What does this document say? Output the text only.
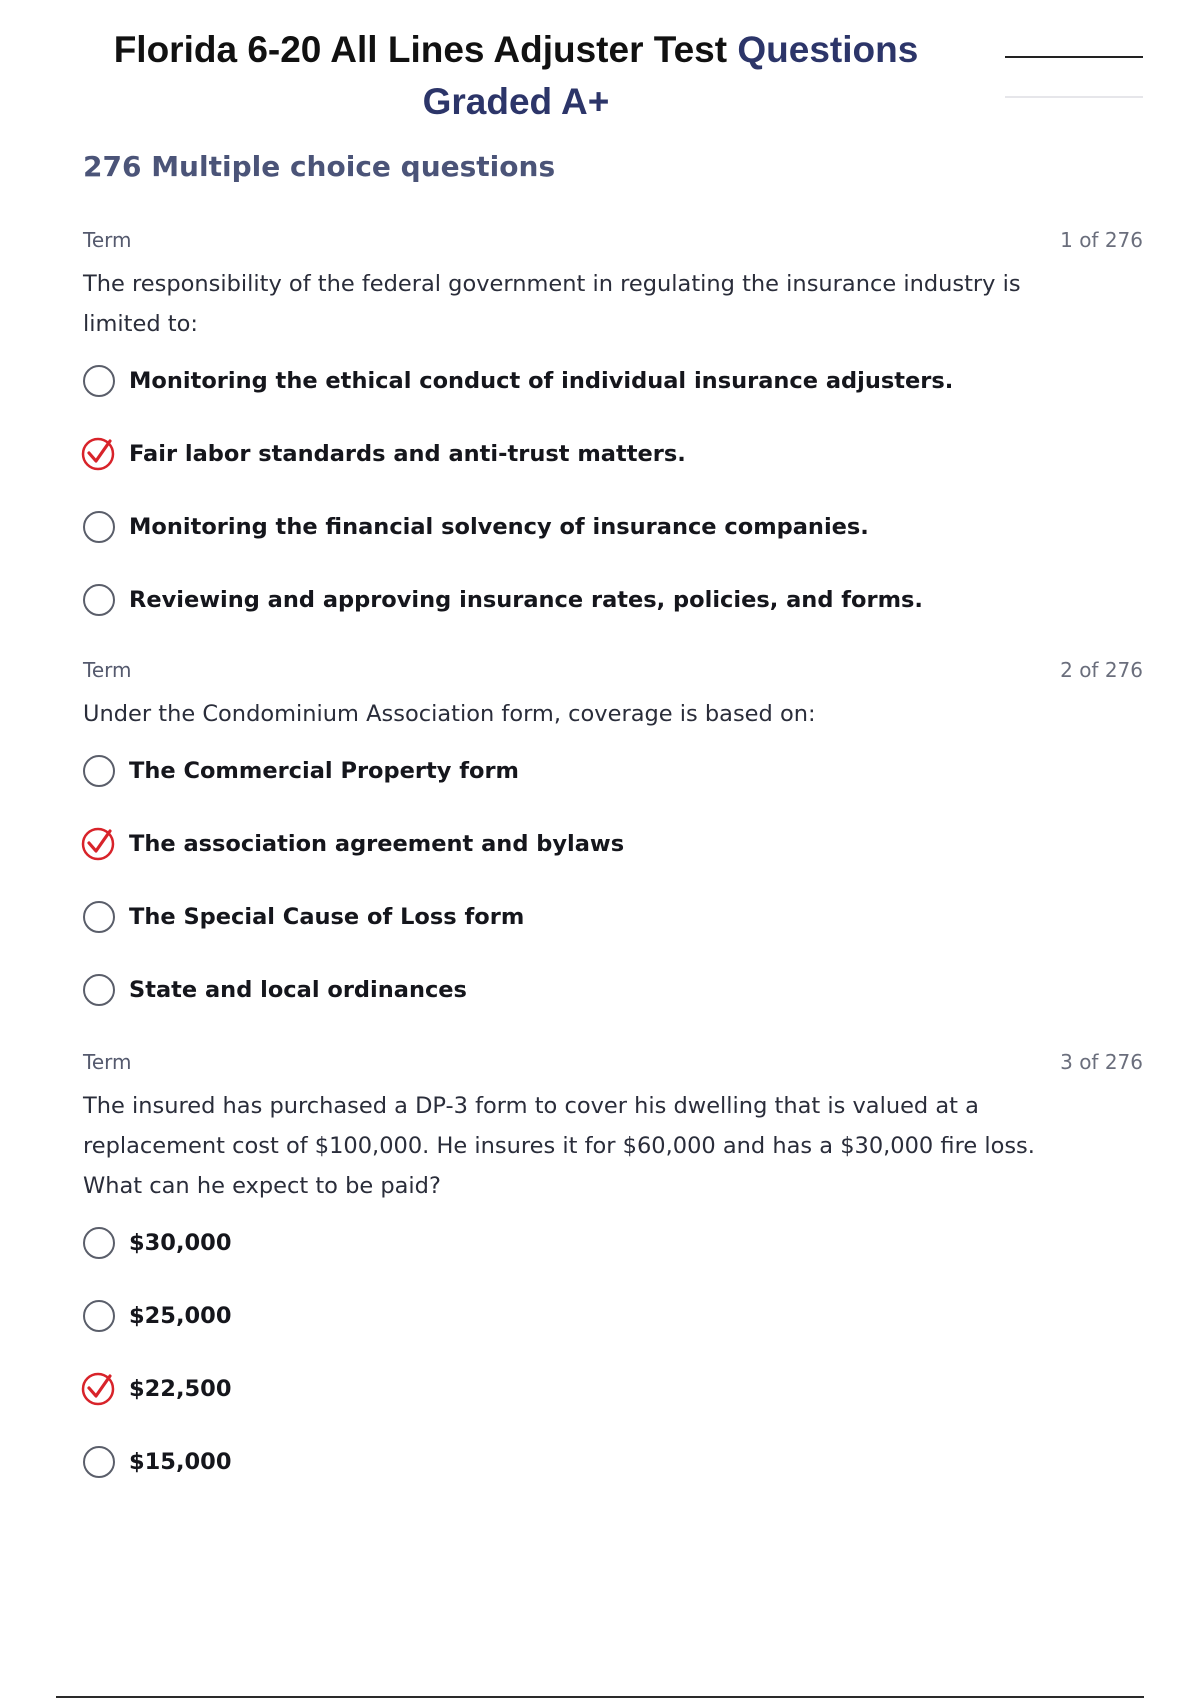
Florida 6-20 All Lines Adjuster Test Questions
Graded A+
276 Multiple choice questions
Term	1 of 276
The responsibility of the federal government in regulating the insurance industry is limited to:
Monitoring the ethical conduct of individual insurance adjusters.
Fair labor standards and anti-trust matters.
Monitoring the financial solvency of insurance companies.
Reviewing and approving insurance rates, policies, and forms.
Term	2 of 276
Under the Condominium Association form, coverage is based on:
The Commercial Property form
The association agreement and bylaws
The Special Cause of Loss form
State and local ordinances
Term	3 of 276
The insured has purchased a DP-3 form to cover his dwelling that is valued at a replacement cost of $100,000. He insures it for $60,000 and has a $30,000 fire loss. What can he expect to be paid?
$30,000
$25,000
$22,500
$15,000
